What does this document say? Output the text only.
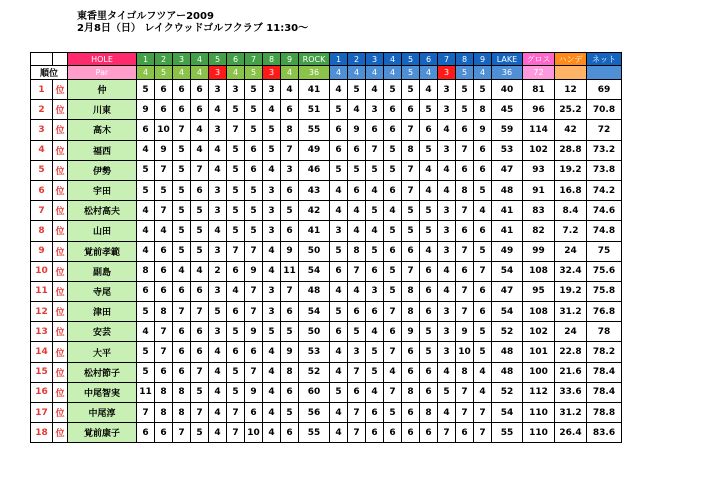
東香里タイゴルフツアー2009
2月8日（日） レイクウッドゴルフクラブ 11:30～
		HOLE	1	2	3	4	5	6	7	8	9	ROCK	1	2	3	4	5	6	7	8	9	LAKE	グロス	ハンデ	ネット
順位		Par	4	5	4	4	3	4	5	3	4	36	4	4	4	4	5	4	3	5	4	36	72		
1	位	仲	5	6	6	6	3	3	5	3	4	41	4	5	4	5	5	4	3	5	5	40	81	12	69
2	位	川東	9	6	6	6	4	5	5	4	6	51	5	4	3	6	6	5	3	5	8	45	96	25.2	70.8
3	位	高木	6	10	7	4	3	7	5	5	8	55	6	9	6	6	7	6	4	6	9	59	114	42	72
4	位	福西	4	9	5	4	4	5	6	5	7	49	6	6	7	5	8	5	3	7	6	53	102	28.8	73.2
5	位	伊勢	5	7	5	7	4	5	6	4	3	46	5	5	5	5	7	4	4	6	6	47	93	19.2	73.8
6	位	宇田	5	5	5	6	3	5	5	3	6	43	4	6	4	6	7	4	4	8	5	48	91	16.8	74.2
7	位	松村高夫	4	7	5	5	3	5	5	3	5	42	4	4	5	4	5	5	3	7	4	41	83	8.4	74.6
8	位	山田	4	4	5	5	4	5	5	3	6	41	3	4	4	5	5	5	3	6	6	41	82	7.2	74.8
9	位	覚前孝範	4	6	5	5	3	7	7	4	9	50	5	8	5	6	6	4	3	7	5	49	99	24	75
10	位	副島	8	6	4	4	2	6	9	4	11	54	6	7	6	5	7	6	4	6	7	54	108	32.4	75.6
11	位	寺尾	6	6	6	6	3	4	7	3	7	48	4	4	3	5	8	6	4	7	6	47	95	19.2	75.8
12	位	津田	5	8	7	7	5	6	7	3	6	54	5	6	6	7	8	6	3	7	6	54	108	31.2	76.8
13	位	安芸	4	7	6	6	3	5	9	5	5	50	6	5	4	6	9	5	3	9	5	52	102	24	78
14	位	大平	5	7	6	6	4	6	6	4	9	53	4	3	5	7	6	5	3	10	5	48	101	22.8	78.2
15	位	松村節子	5	6	6	7	4	5	7	4	8	52	4	7	5	4	6	6	4	8	4	48	100	21.6	78.4
16	位	中尾智実	11	8	8	5	4	5	9	4	6	60	5	6	4	7	8	6	5	7	4	52	112	33.6	78.4
17	位	中尾淳	7	8	8	7	4	7	6	4	5	56	4	7	6	5	6	8	4	7	7	54	110	31.2	78.8
18	位	覚前康子	6	6	7	5	4	7	10	4	6	55	4	7	6	6	6	6	7	6	7	55	110	26.4	83.6
